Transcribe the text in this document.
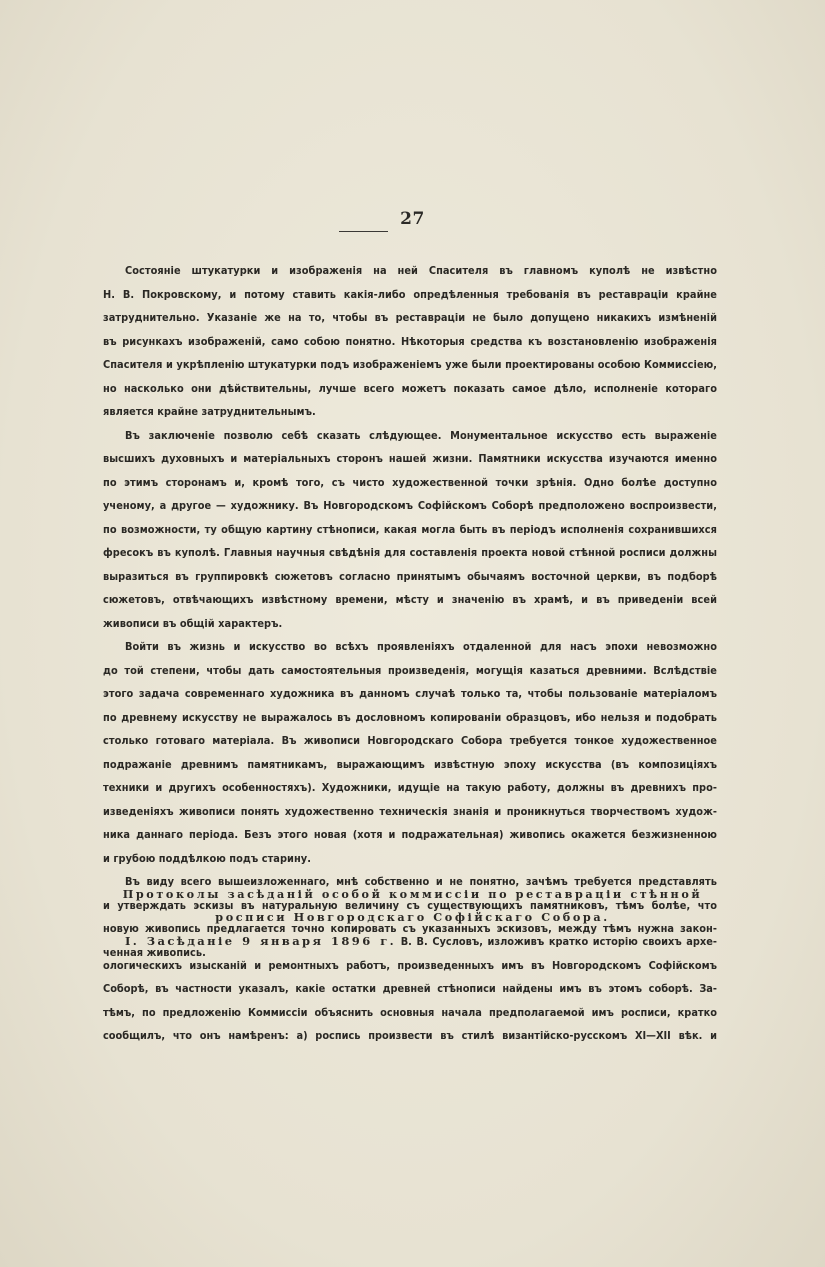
27
Состояніе штукатурки и изображенія на ней Спасителя въ главномъ куполѣ не извѣстно
Н. В. Покровскому, и потому ставить какія-либо опредѣленныя требованія въ реставраціи крайне
затруднительно. Указаніе же на то, чтобы въ реставраціи не было допущено никакихъ измѣненій
въ рисункахъ изображеній, само собою понятно. Нѣкоторыя средства къ возстановленію изображенія
Спасителя и укрѣпленію штукатурки подъ изображеніемъ уже были проектированы особою Коммиссіею,
но насколько они дѣйствительны, лучше всего можетъ показать самое дѣло, исполненіе котораго
является крайне затруднительнымъ.
Въ заключеніе позволю себѣ сказать слѣдующее. Монументальное искусство есть выраженіе
высшихъ духовныхъ и матеріальныхъ сторонъ нашей жизни. Памятники искусства изучаются именно
по этимъ сторонамъ и, кромѣ того, съ чисто художественной точки зрѣнія. Одно болѣе доступно
ученому, а другое — художнику. Въ Новгородскомъ Софійскомъ Соборѣ предположено воспроизвести,
по возможности, ту общую картину стѣнописи, какая могла быть въ періодъ исполненія сохранившихся
фресокъ въ куполѣ. Главныя научныя свѣдѣнія для составленія проекта новой стѣнной росписи должны
выразиться въ группировкѣ сюжетовъ согласно принятымъ обычаямъ восточной церкви, въ подборѣ
сюжетовъ, отвѣчающихъ извѣстному времени, мѣсту и значенію въ храмѣ, и въ приведеніи всей
живописи въ общій характеръ.
Войти въ жизнь и искусство во всѣхъ проявленіяхъ отдаленной для насъ эпохи невозможно
до той степени, чтобы дать самостоятельныя произведенія, могущія казаться древними. Вслѣдствіе
этого задача современнаго художника въ данномъ случаѣ только та, чтобы пользованіе матеріаломъ
по древнему искусству не выражалось въ дословномъ копированіи образцовъ, ибо нельзя и подобрать
столько готоваго матеріала. Въ живописи Новгородскаго Собора требуется тонкое художественное
подражаніе древнимъ памятникамъ, выражающимъ извѣстную эпоху искусства (въ композиціяхъ
техники и другихъ особенностяхъ). Художники, идущіе на такую работу, должны въ древнихъ про-
изведеніяхъ живописи понять художественно техническія знанія и проникнуться творчествомъ худож-
ника даннаго періода. Безъ этого новая (хотя и подражательная) живопись окажется безжизненною
и грубою поддѣлкою подъ старину.
Въ виду всего вышеизложеннаго, мнѣ собственно и не понятно, зачѣмъ требуется представлять
и утверждать эскизы въ натуральную величину съ существующихъ памятниковъ, тѣмъ болѣе, что
новую живопись предлагается точно копировать съ указанныхъ эскизовъ, между тѣмъ нужна закон-
ченная живопись.
Протоколы засѣданій особой коммиссіи по реставраціи стѣнной
росписи Новгородскаго Софійскаго Собора.
I. Засѣданіе 9 января 1896 г. В. В. Сусловъ, изложивъ кратко исторію своихъ архе-
ологическихъ изысканій и ремонтныхъ работъ, произведенныхъ имъ въ Новгородскомъ Софійскомъ
Соборѣ, въ частности указалъ, какіе остатки древней стѣнописи найдены имъ въ этомъ соборѣ. За-
тѣмъ, по предложенію Коммиссіи объяснить основныя начала предполагаемой имъ росписи, кратко
сообщилъ, что онъ намѣренъ: а) роспись произвести въ стилѣ византійско-русскомъ XI—XII вѣк. и
